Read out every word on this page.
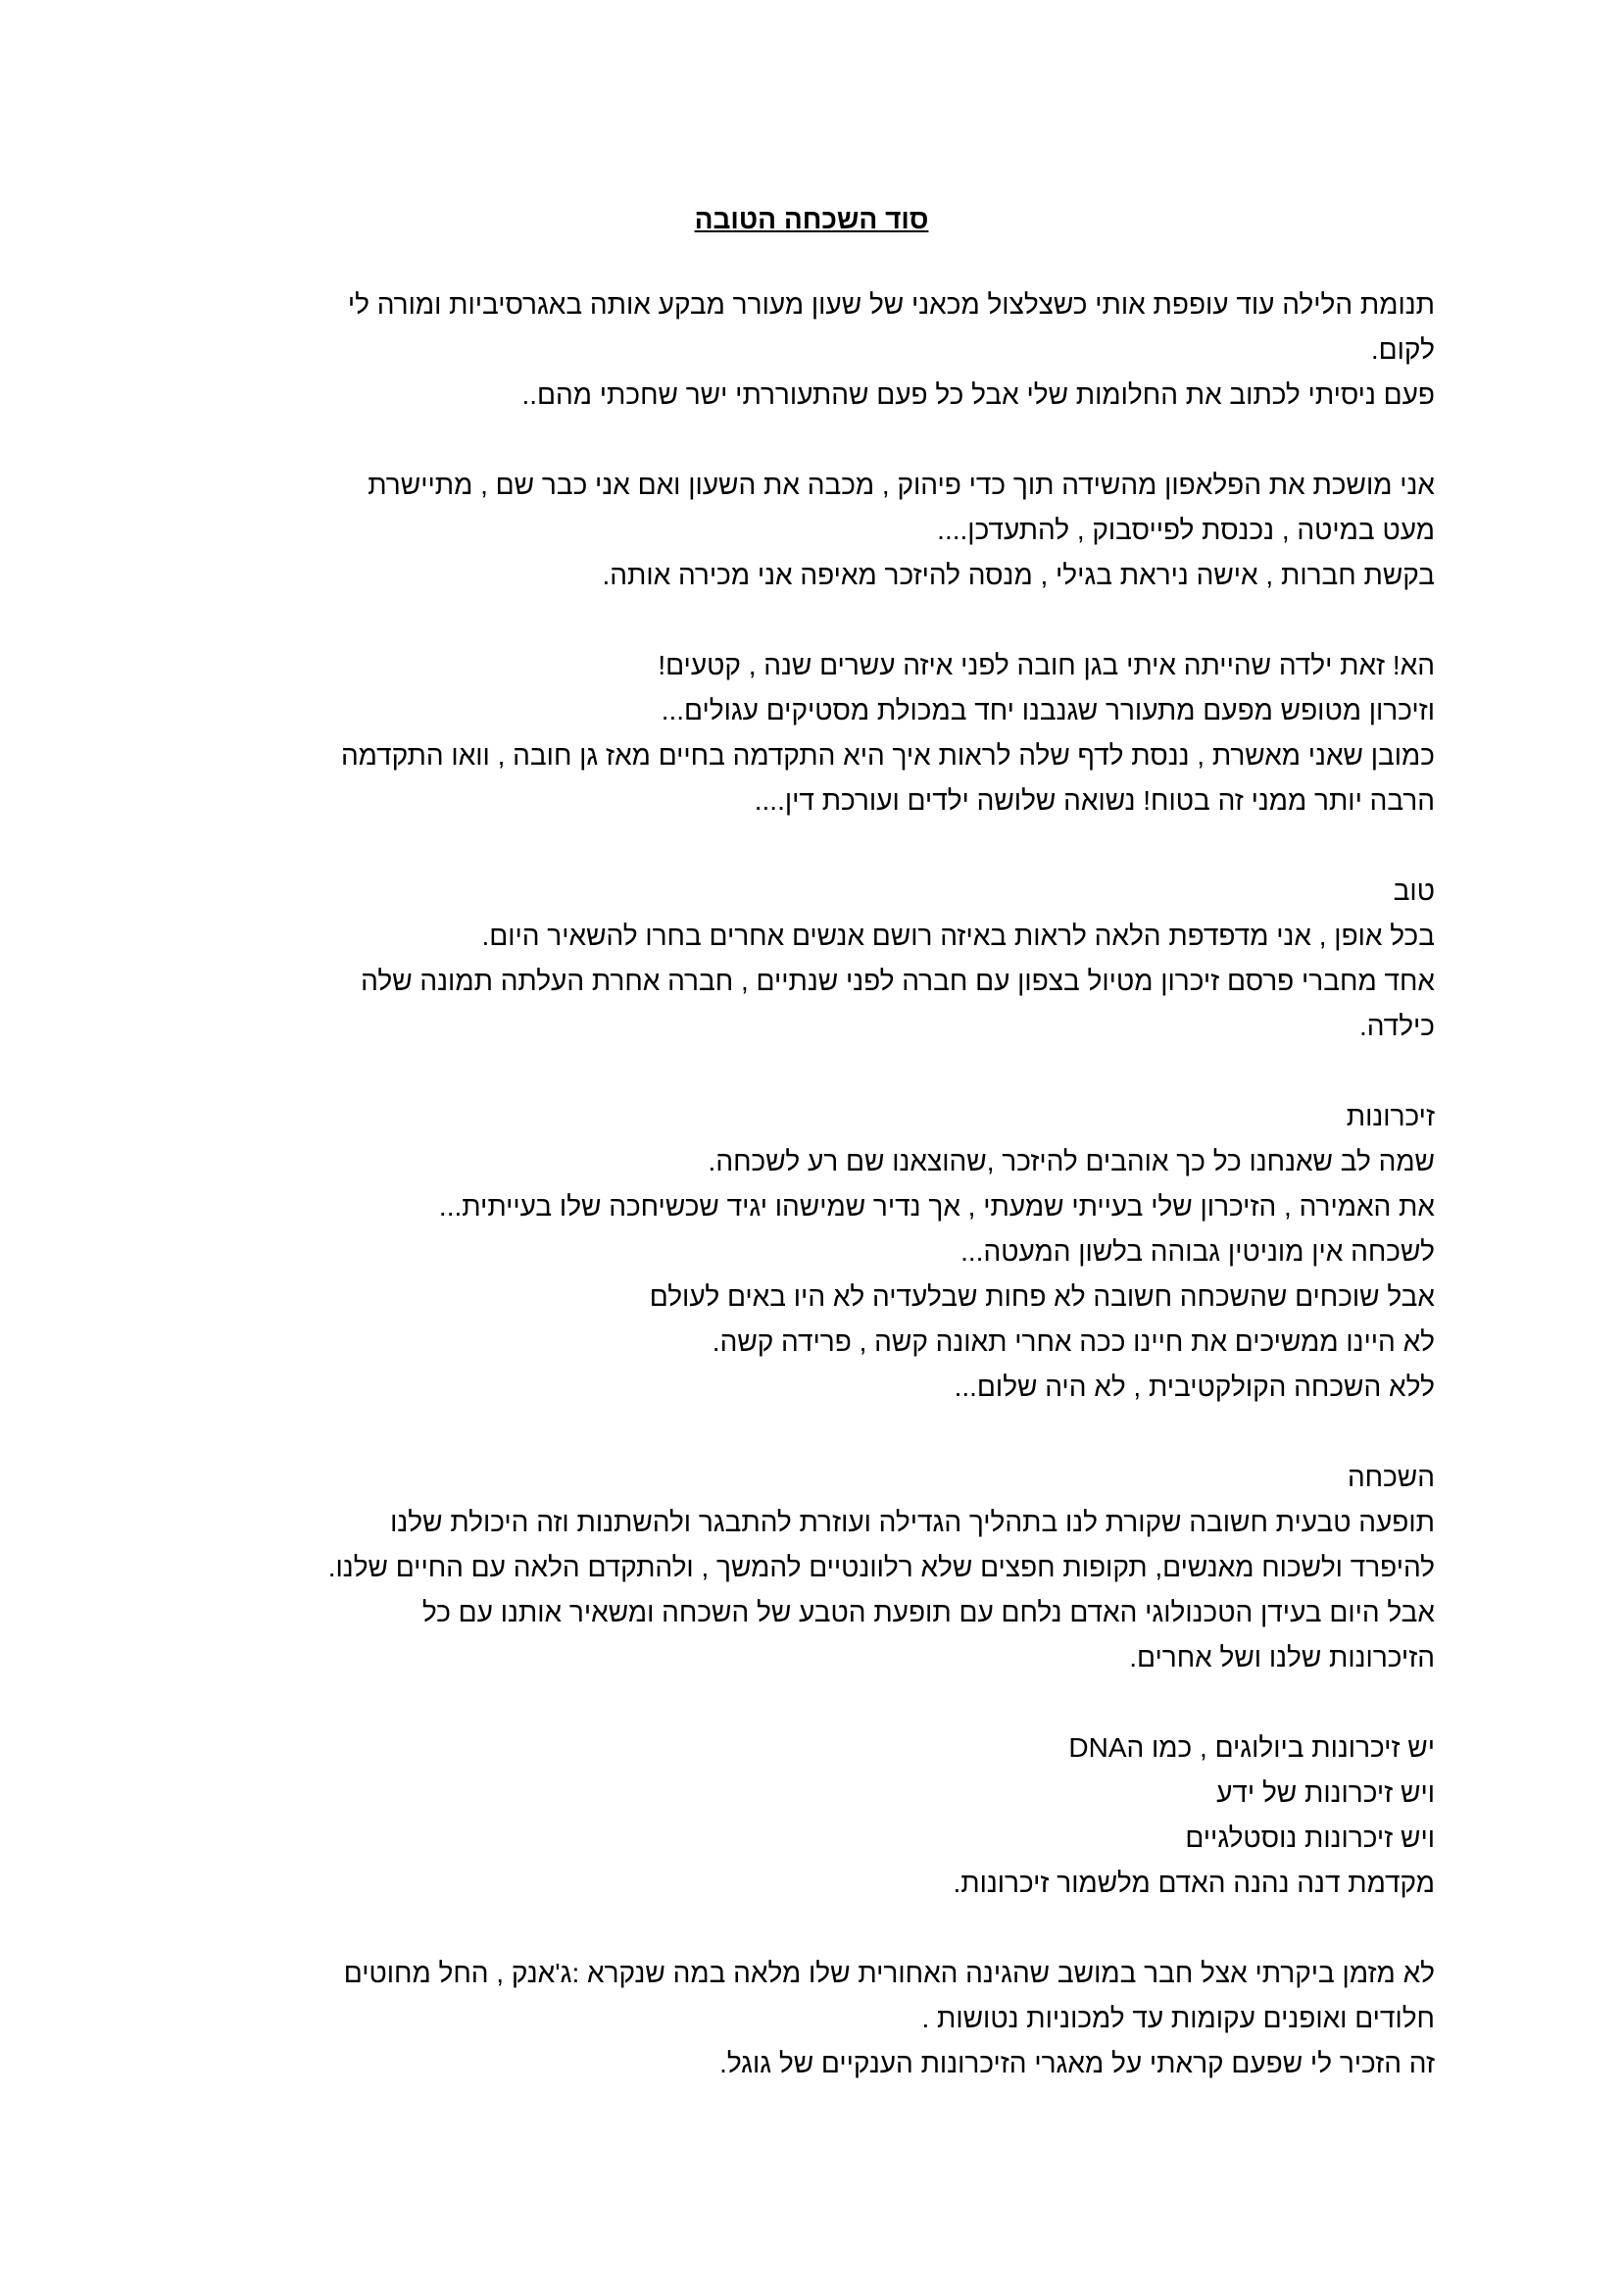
סוד השכחה הטובה
תנומת הלילה עוד עופפת אותי כשצלצול מכאני של שעון מעורר מבקע אותה באגרסיביות ומורה לי
לקום.
פעם ניסיתי לכתוב את החלומות שלי אבל כל פעם שהתעוררתי ישר שחכתי מהם..
אני מושכת את הפלאפון מהשידה תוך כדי פיהוק , מכבה את השעון ואם אני כבר שם , מתיישרת
מעט במיטה , נכנסת לפייסבוק , להתעדכן....
בקשת חברות , אישה ניראת בגילי , מנסה להיזכר מאיפה אני מכירה אותה.
הא! זאת ילדה שהייתה איתי בגן חובה לפני איזה עשרים שנה , קטעים!
וזיכרון מטופש מפעם מתעורר שגנבנו יחד במכולת מסטיקים עגולים...
כמובן שאני מאשרת , ננסת לדף שלה לראות איך היא התקדמה בחיים מאז גן חובה , וואו התקדמה
הרבה יותר ממני זה בטוח! נשואה שלושה ילדים ועורכת דין....
טוב
בכל אופן , אני מדפדפת הלאה לראות באיזה רושם אנשים אחרים בחרו להשאיר היום.
אחד מחברי פרסם זיכרון מטיול בצפון עם חברה לפני שנתיים , חברה אחרת העלתה תמונה שלה
כילדה.
זיכרונות
שמה לב שאנחנו כל כך אוהבים להיזכר ,שהוצאנו שם רע לשכחה.
את האמירה , הזיכרון שלי בעייתי שמעתי , אך נדיר שמישהו יגיד שכשיחכה שלו בעייתית...
לשכחה אין מוניטין גבוהה בלשון המעטה...
אבל שוכחים שהשכחה חשובה לא פחות שבלעדיה לא היו באים לעולם
לא היינו ממשיכים את חיינו ככה אחרי תאונה קשה , פרידה קשה.
ללא השכחה הקולקטיבית , לא היה שלום...
השכחה
תופעה טבעית חשובה שקורת לנו בתהליך הגדילה ועוזרת להתבגר ולהשתנות וזה היכולת שלנו
להיפרד ולשכוח מאנשים, תקופות חפצים שלא רלוונטיים להמשך , ולהתקדם הלאה עם החיים שלנו.
אבל היום בעידן הטכנולוגי האדם נלחם עם תופעת הטבע של השכחה ומשאיר אותנו עם כל
הזיכרונות שלנו ושל אחרים.
יש זיכרונות ביולוגים , כמו הDNA
ויש זיכרונות של ידע
ויש זיכרונות נוסטלגיים
מקדמת דנה נהנה האדם מלשמור זיכרונות.
לא מזמן ביקרתי אצל חבר במושב שהגינה האחורית שלו מלאה במה שנקרא :ג'אנק , החל מחוטים
חלודים ואופנים עקומות עד למכוניות נטושות .
זה הזכיר לי שפעם קראתי על מאגרי הזיכרונות הענקיים של גוגל.
